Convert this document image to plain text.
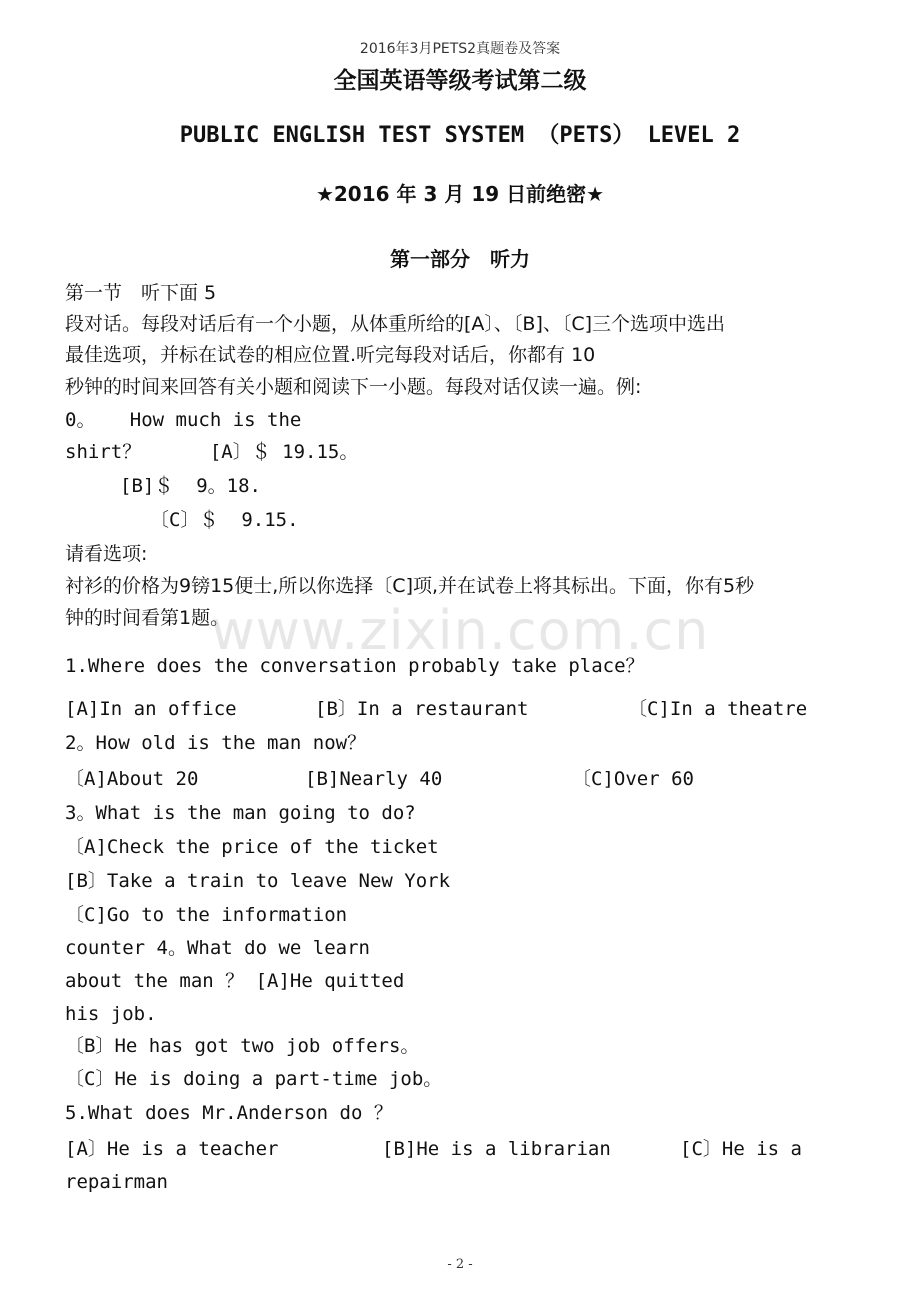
2016年3月PETS2真题卷及答案
全国英语等级考试第二级
PUBLIC ENGLISH TEST SYSTEM （PETS） LEVEL 2
★2016 年 3 月 19 日前绝密★
第一部分　听力
第一节　听下面 5
段对话。每段对话后有一个小题，从体重所给的[A〕、〔B]、〔C]三个选项中选出
最佳选项，并标在试卷的相应位置.听完每段对话后，你都有 10
秒钟的时间来回答有关小题和阅读下一小题。每段对话仅读一遍。例:
0。   How much is the
shirt？      [A〕＄ 19.15。
[B]＄  9。18.
〔C〕＄  9.15.
请看选项:
衬衫的价格为9镑15便士,所以你选择〔C]项,并在试卷上将其标出。下面，你有5秒
钟的时间看第1题。
1.Where does the conversation probably take place？
[A]In an office	[B〕In a restaurant	〔C]In a theatre
2。How old is the man now？
〔A]About 20	[B]Nearly 40	〔C]Over 60
3。What is the man going to do?
〔A]Check the price of the ticket
[B〕Take a train to leave New York
〔C]Go to the information
counter 4。What do we learn
about the man ？ [A]He quitted
his job.
〔B〕He has got two job offers。
〔C〕He is doing a part-time job。
5.What does Mr.Anderson do ？
[A〕He is a teacher	[B]He is a librarian	[C〕He is a
repairman
www.zixin.com.cn
- 2 -
